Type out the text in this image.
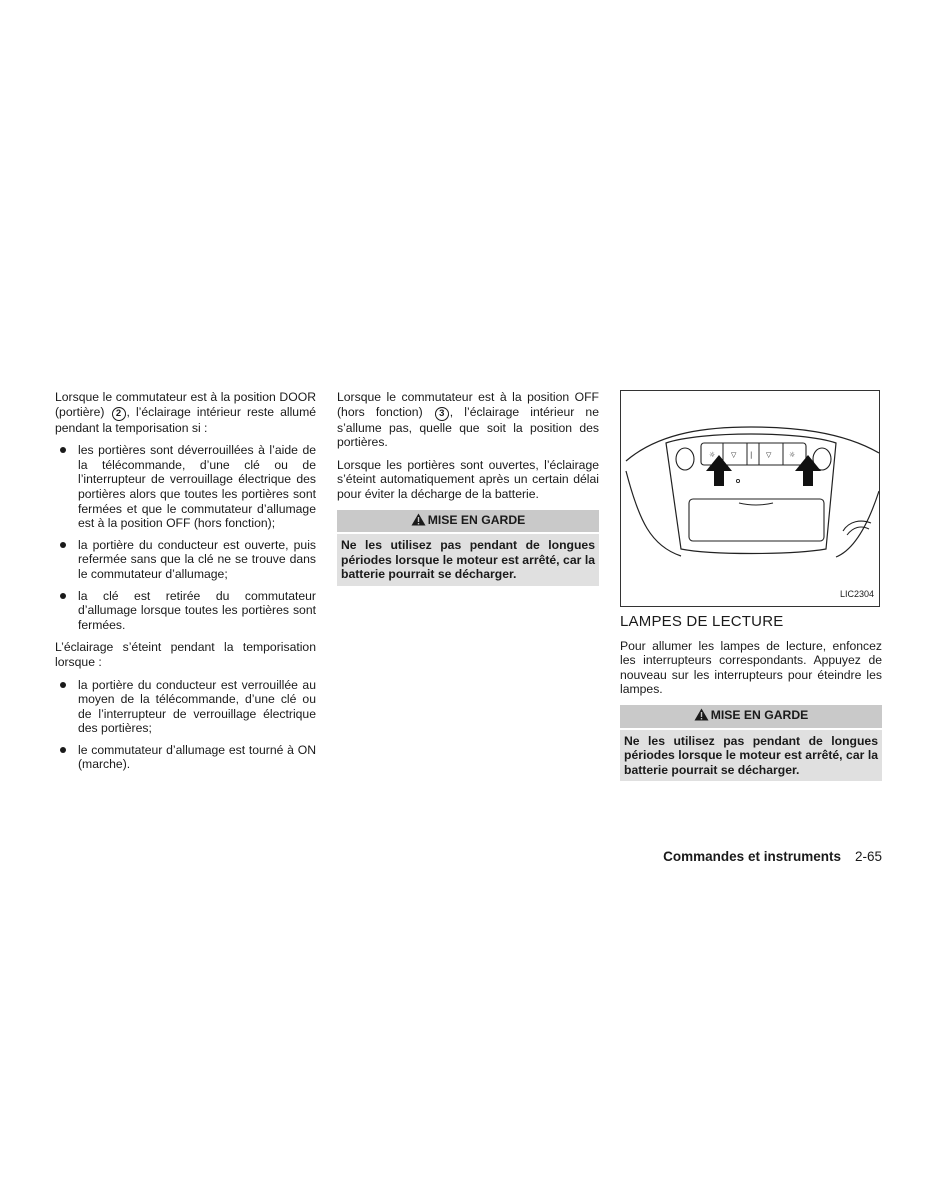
Lorsque le commutateur est à la position DOOR (portière) 2 , l’éclairage intérieur reste allumé pendant la temporisation si :

les portières sont déverrouillées à l’aide de la télécommande, d’une clé ou de l’interrupteur de verrouillage électrique des portières alors que toutes les portières sont fermées et que le commutateur d’allumage est à la position OFF (hors fonction);
la portière du conducteur est ouverte, puis refermée sans que la clé ne se trouve dans le commutateur d’allumage;
la clé est retirée du commutateur d’allumage lorsque toutes les portières sont fermées.

L’éclairage s’éteint pendant la temporisation lorsque :

la portière du conducteur est verrouillée au moyen de la télécommande, d’une clé ou de l’interrupteur de verrouillage électrique des portières;
le commutateur d’allumage est tourné à ON (marche).

Lorsque le commutateur est à la position OFF (hors fonction) 3 , l’éclairage intérieur ne s’allume pas, quelle que soit la position des portières.

Lorsque les portières sont ouvertes, l’éclairage s’éteint automatiquement après un certain délai pour éviter la décharge de la batterie.

MISE EN GARDE
Ne les utilisez pas pendant de longues périodes lorsque le moteur est arrêté, car la batterie pourrait se décharger.
☼ ▽ | ▽	☼
LIC2304
LAMPES DE LECTURE

Pour allumer les lampes de lecture, enfoncez les interrupteurs correspondants. Appuyez de nouveau sur les interrupteurs pour éteindre les lampes.

MISE EN GARDE
Ne les utilisez pas pendant de longues périodes lorsque le moteur est arrêté, car la batterie pourrait se décharger.
Commandes et instruments 2-65
